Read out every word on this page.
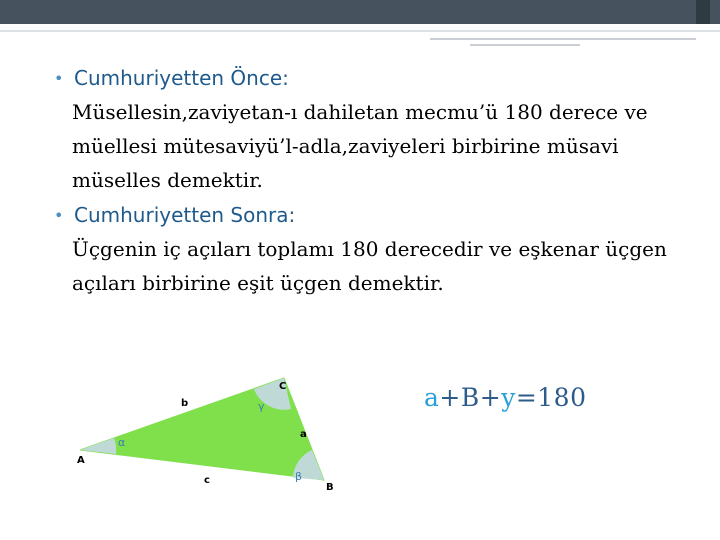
• Cumhuriyetten Önce:
Müsellesin,zaviyetan-ı dahiletan mecmu’ü 180 derece ve müellesi mütesaviyü’l-adla,zaviyeleri birbirine müsavi müselles demektir.
• Cumhuriyetten Sonra:
Üçgenin iç açıları toplamı 180 derecedir ve eşkenar üçgen açıları birbirine eşit üçgen demektir.
α
γ
β
A
B
C
a
b
c
a+B+y=180
